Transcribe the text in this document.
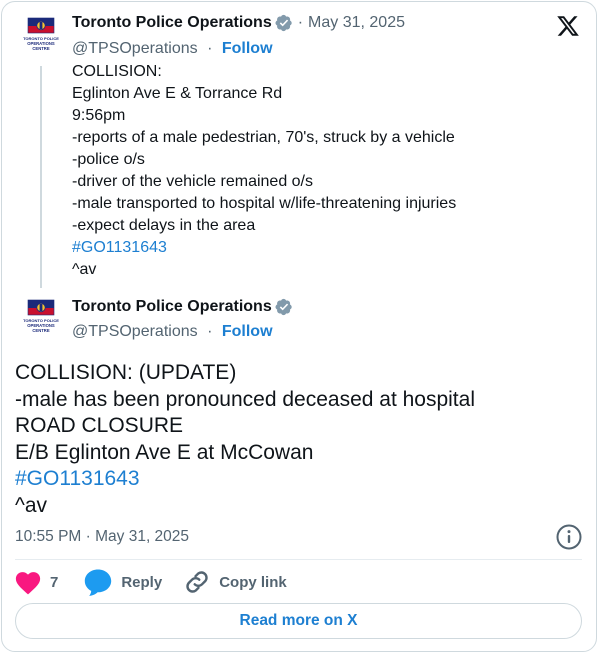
TORONTO POLICE
OPERATIONS
CENTRE
Toronto Police Operations · May 31, 2025
@TPSOperations · Follow
COLLISION:
Eglinton Ave E & Torrance Rd
9:56pm
-reports of a male pedestrian, 70's, struck by a vehicle
-police o/s
-driver of the vehicle remained o/s
-male transported to hospital w/life-threatening injuries
-expect delays in the area
#GO1131643
^av
TORONTO POLICE
OPERATIONS
CENTRE
Toronto Police Operations
@TPSOperations · Follow
COLLISION: (UPDATE)
-male has been pronounced deceased at hospital
ROAD CLOSURE
E/B Eglinton Ave E at McCowan
#GO1131643
^av
10:55 PM · May 31, 2025
7	Reply	Copy link
Read more on X
